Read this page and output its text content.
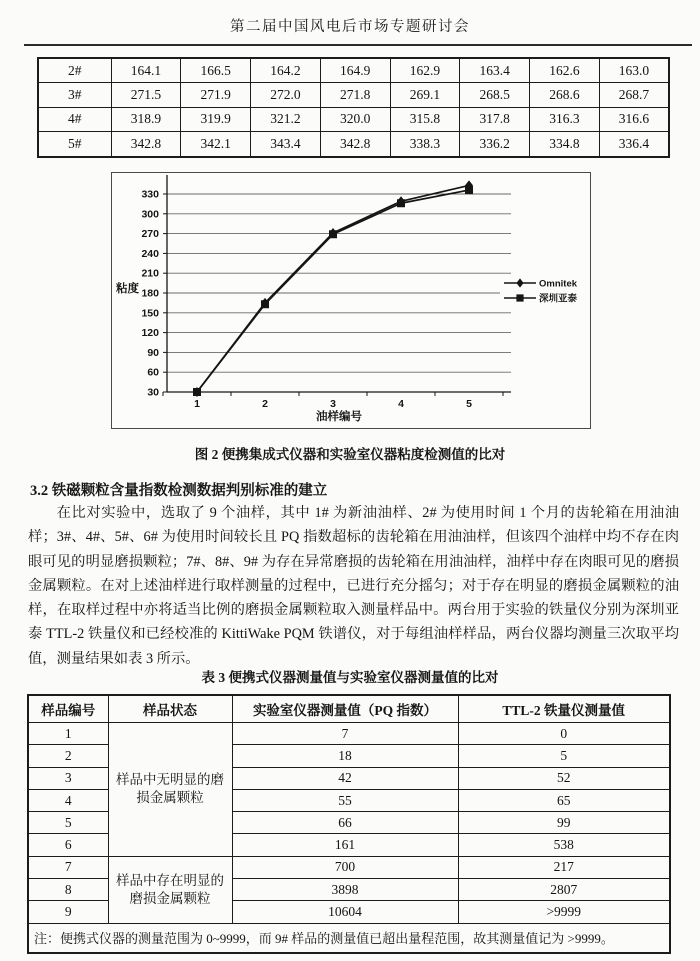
第二届中国风电后市场专题研讨会
2#	164.1	166.5	164.2	164.9	162.9	163.4	162.6	163.0
3#	271.5	271.9	272.0	271.8	269.1	268.5	268.6	268.7
4#	318.9	319.9	321.2	320.0	315.8	317.8	316.3	316.6
5#	342.8	342.1	343.4	342.8	338.3	336.2	334.8	336.4
30
60
90
120
150
180
210
240
270
300
330
1	2	3	4	5
Omnitek
深圳亚泰
粘度
油样编号
图 2 便携集成式仪器和实验室仪器粘度检测值的比对
3.2 铁磁颗粒含量指数检测数据判别标准的建立
在比对实验中，选取了 9 个油样，其中 1# 为新油油样、2# 为使用时间 1 个月的齿轮箱在用油油样；3#、4#、5#、6# 为使用时间较长且 PQ 指数超标的齿轮箱在用油油样，但该四个油样中均不存在肉眼可见的明显磨损颗粒；7#、8#、9# 为存在异常磨损的齿轮箱在用油油样，油样中存在肉眼可见的磨损金属颗粒。在对上述油样进行取样测量的过程中，已进行充分摇匀；对于存在明显的磨损金属颗粒的油样，在取样过程中亦将适当比例的磨损金属颗粒取入测量样品中。两台用于实验的铁量仪分别为深圳亚泰 TTL-2 铁量仪和已经校准的 KittiWake PQM 铁谱仪，对于每组油样样品，两台仪器均测量三次取平均值，测量结果如表 3 所示。
表 3 便携式仪器测量值与实验室仪器测量值的比对
样品编号	样品状态	实验室仪器测量值（PQ 指数）	TTL-2 铁量仪测量值
1	样品中无明显的磨损金属颗粒	7	0
2		18	5
3		42	52
4		55	65
5		66	99
6		161	538
7	样品中存在明显的磨损金属颗粒	700	217
8		3898	2807
9		10604	>9999
注：便携式仪器的测量范围为 0~9999，而 9# 样品的测量值已超出量程范围，故其测量值记为 >9999。			
